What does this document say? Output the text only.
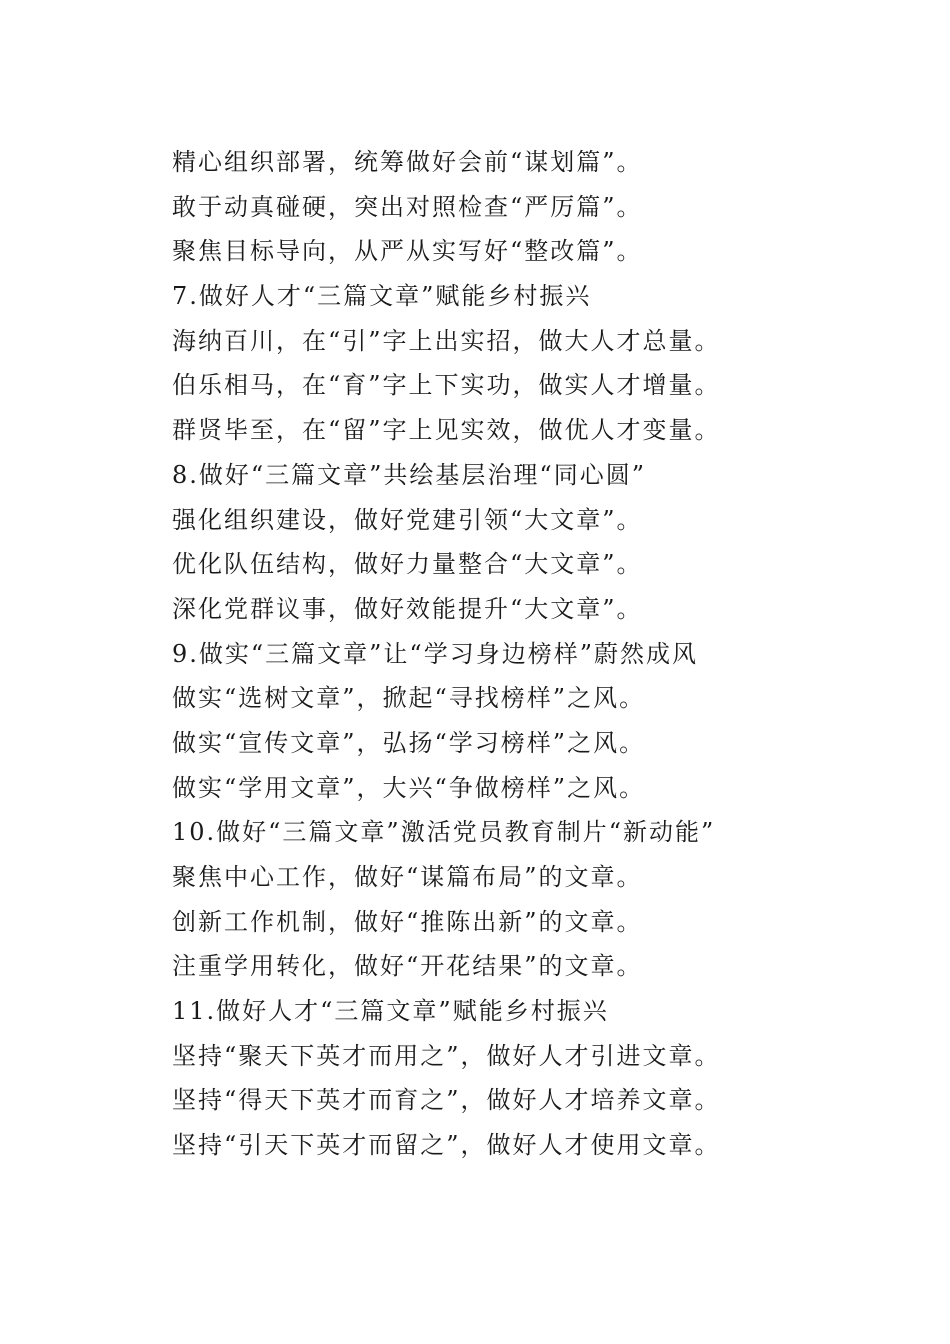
精心组织部署，统筹做好会前“谋划篇”。
敢于动真碰硬，突出对照检查“严厉篇”。
聚焦目标导向，从严从实写好“整改篇”。
7.做好人才“三篇文章”赋能乡村振兴
海纳百川，在“引”字上出实招，做大人才总量。
伯乐相马，在“育”字上下实功，做实人才增量。
群贤毕至，在“留”字上见实效，做优人才变量。
8.做好“三篇文章”共绘基层治理“同心圆”
强化组织建设，做好党建引领“大文章”。
优化队伍结构，做好力量整合“大文章”。
深化党群议事，做好效能提升“大文章”。
9.做实“三篇文章”让“学习身边榜样”蔚然成风
做实“选树文章”，掀起“寻找榜样”之风。
做实“宣传文章”，弘扬“学习榜样”之风。
做实“学用文章”，大兴“争做榜样”之风。
10.做好“三篇文章”激活党员教育制片“新动能”
聚焦中心工作，做好“谋篇布局”的文章。
创新工作机制，做好“推陈出新”的文章。
注重学用转化，做好“开花结果”的文章。
11.做好人才“三篇文章”赋能乡村振兴
坚持“聚天下英才而用之”，做好人才引进文章。
坚持“得天下英才而育之”，做好人才培养文章。
坚持“引天下英才而留之”，做好人才使用文章。
